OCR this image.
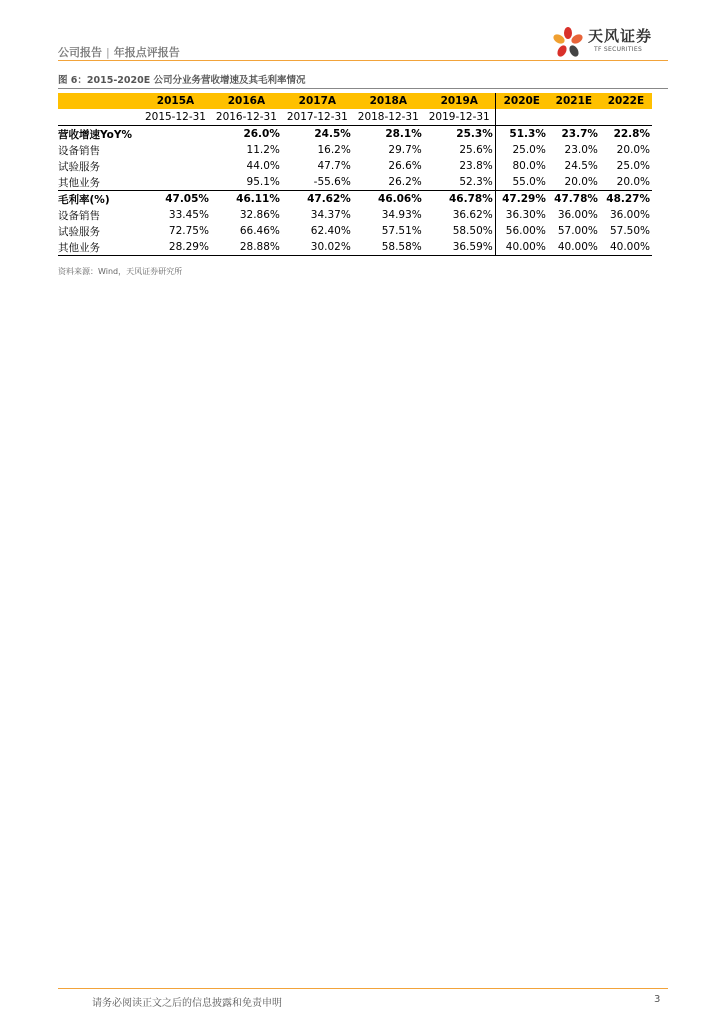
公司报告 | 年报点评报告
天风证券
TF SECURITIES
图 6：2015-2020E 公司分业务营收增速及其毛利率情况
	2015A	2016A	2017A	2018A	2019A	2020E	2021E	2022E
	2015-12-31	2016-12-31	2017-12-31	2018-12-31	2019-12-31			
营收增速YoY%		26.0%	24.5%	28.1%	25.3%	51.3%	23.7%	22.8%
设备销售		11.2%	16.2%	29.7%	25.6%	25.0%	23.0%	20.0%
试验服务		44.0%	47.7%	26.6%	23.8%	80.0%	24.5%	25.0%
其他业务		95.1%	-55.6%	26.2%	52.3%	55.0%	20.0%	20.0%
毛利率(%)	47.05%	46.11%	47.62%	46.06%	46.78%	47.29%	47.78%	48.27%
设备销售	33.45%	32.86%	34.37%	34.93%	36.62%	36.30%	36.00%	36.00%
试验服务	72.75%	66.46%	62.40%	57.51%	58.50%	56.00%	57.00%	57.50%
其他业务	28.29%	28.88%	30.02%	58.58%	36.59%	40.00%	40.00%	40.00%
资料来源：Wind，天风证券研究所
请务必阅读正文之后的信息披露和免责申明	3
